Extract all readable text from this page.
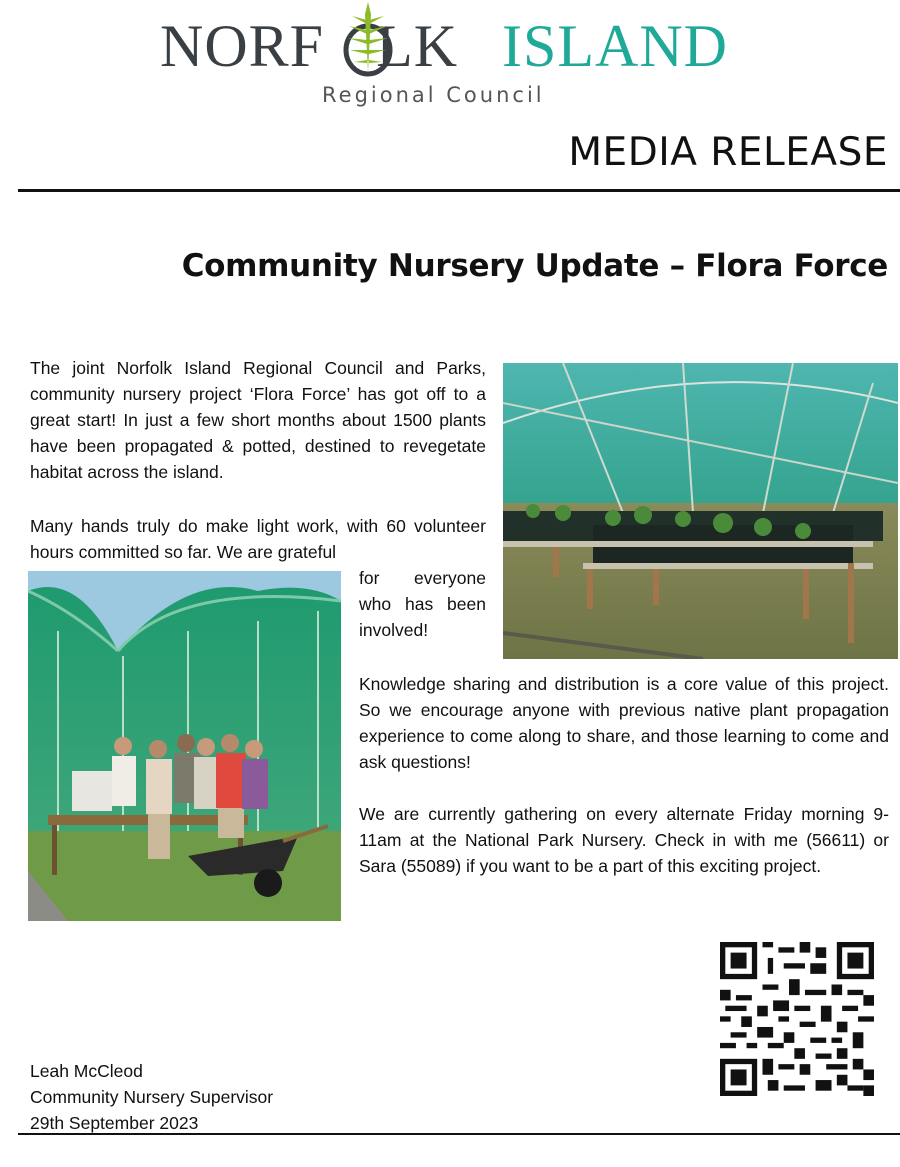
NORF LK ISLAND
Regional Council
MEDIA RELEASE
Community Nursery Update – Flora Force

The joint Norfolk Island Regional Council and Parks, community nursery project ‘Flora Force’ has got off to a great start! In just a few short months about 1500 plants have been propagated & potted, destined to revegetate habitat across the island.

Many hands truly do make light work, with 60 volunteer hours committed so far. We are grateful

for everyone who has been involved!

Knowledge sharing and distribution is a core value of this project. So we encourage anyone with previous native plant propagation experience to come along to share, and those learning to come and ask questions!

We are currently gathering on every alternate Friday morning 9-11am at the National Park Nursery. Check in with me (56611) or Sara (55089) if you want to be a part of this exciting project.

Leah McCleod
Community Nursery Supervisor
29th September 2023
